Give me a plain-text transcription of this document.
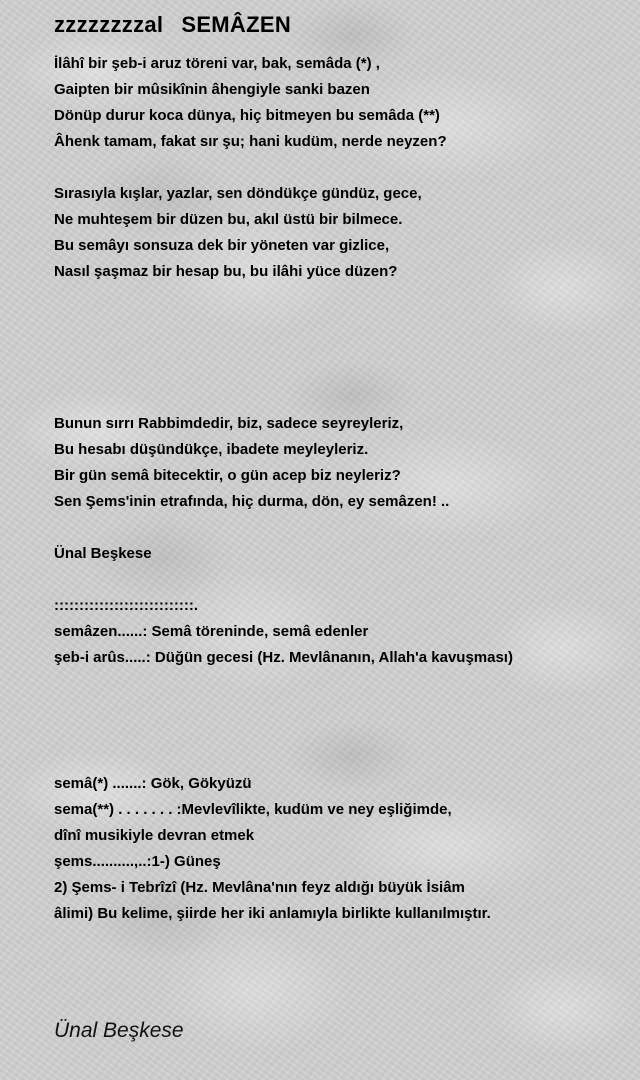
zzzzzzzzal SEMÂZEN
İlâhî bir şeb-i aruz töreni var, bak, semâda (*) ,
Gaipten bir mûsikînin âhengiyle sanki bazen
Dönüp durur koca dünya, hiç bitmeyen bu semâda (**)
Âhenk tamam, fakat sır şu; hani kudüm, nerde neyzen?
Sırasıyla kışlar, yazlar, sen döndükçe gündüz, gece,
Ne muhteşem bir düzen bu, akıl üstü bir bilmece.
Bu semâyı sonsuza dek bir yöneten var gizlice,
Nasıl şaşmaz bir hesap bu, bu ilâhi yüce düzen?
Bunun sırrı Rabbimdedir, biz, sadece seyreyleriz,
Bu hesabı düşündükçe, ibadete meyleyleriz.
Bir gün semâ bitecektir, o gün acep biz neyleriz?
Sen Şems'inin etrafında, hiç durma, dön, ey semâzen! ..
Ünal Beşkese
::::::::::::::::::::::::::::.
semâzen......: Semâ töreninde, semâ edenler
şeb-i arûs.....: Düğün gecesi (Hz. Mevlânanın, Allah'a kavuşması)
semâ(*) .......: Gök, Gökyüzü
sema(**) . . . . . . . :Mevlevîlikte, kudüm ve ney eşliğimde,
dînî musikiyle devran etmek
şems..........,..:1-) Güneş
2) Şems- i Tebrîzî (Hz. Mevlâna'nın feyz aldığı büyük İsiâm
âlimi) Bu kelime, şiirde her iki anlamıyla birlikte kullanılmıştır.
Ünal Beşkese
